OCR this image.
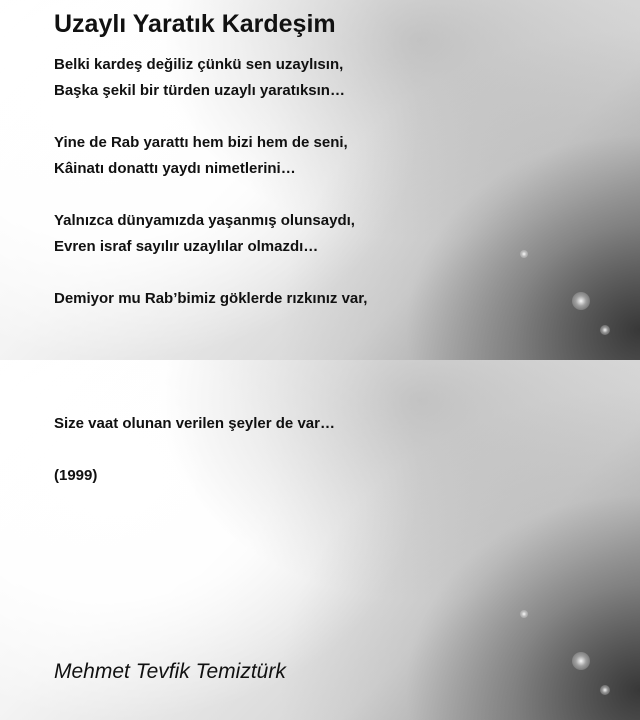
Uzaylı Yaratık Kardeşim

Belki kardeş değiliz çünkü sen uzaylısın,
Başka şekil bir türden uzaylı yaratıksın…

Yine de Rab yarattı hem bizi hem de seni,
Kâinatı donattı yaydı nimetlerini…

Yalnızca dünyamızda yaşanmış olunsaydı,
Evren israf sayılır uzaylılar olmazdı…

Demiyor mu Rab’bimiz göklerde rızkınız var,

Size vaat olunan verilen şeyler de var…

(1999)

Mehmet Tevfik Temiztürk
